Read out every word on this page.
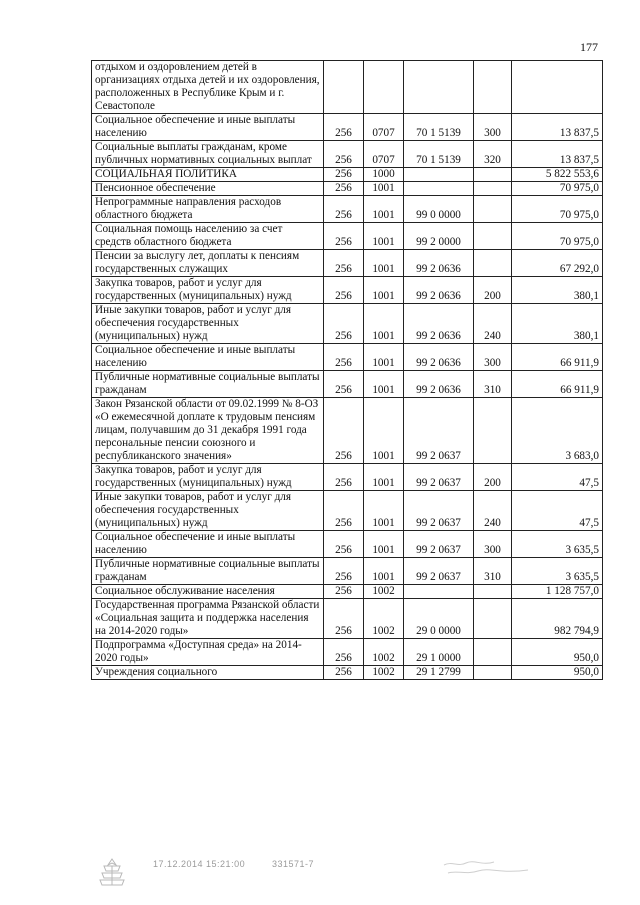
177
отдыхом и оздоровлением детей в организациях отдыха детей и их оздоровления, расположенных в Республике Крым и г. Севастополе					
Социальное обеспечение и иные выплаты населению	256	0707	70 1 5139	300	13 837,5
Социальные выплаты гражданам, кроме публичных нормативных социальных выплат	256	0707	70 1 5139	320	13 837,5
СОЦИАЛЬНАЯ ПОЛИТИКА	256	1000			5 822 553,6
Пенсионное обеспечение	256	1001			70 975,0
Непрограммные направления расходов областного бюджета	256	1001	99 0 0000		70 975,0
Социальная помощь населению за счет средств областного бюджета	256	1001	99 2 0000		70 975,0
Пенсии за выслугу лет, доплаты к пенсиям государственных служащих	256	1001	99 2 0636		67 292,0
Закупка товаров, работ и услуг для государственных (муниципальных) нужд	256	1001	99 2 0636	200	380,1
Иные закупки товаров, работ и услуг для обеспечения государственных (муниципальных) нужд	256	1001	99 2 0636	240	380,1
Социальное обеспечение и иные выплаты населению	256	1001	99 2 0636	300	66 911,9
Публичные нормативные социальные выплаты гражданам	256	1001	99 2 0636	310	66 911,9
Закон Рязанской области от 09.02.1999 № 8-ОЗ «О ежемесячной доплате к трудовым пенсиям лицам, получавшим до 31 декабря 1991 года персональные пенсии союзного и республиканского значения»	256	1001	99 2 0637		3 683,0
Закупка товаров, работ и услуг для государственных (муниципальных) нужд	256	1001	99 2 0637	200	47,5
Иные закупки товаров, работ и услуг для обеспечения государственных (муниципальных) нужд	256	1001	99 2 0637	240	47,5
Социальное обеспечение и иные выплаты населению	256	1001	99 2 0637	300	3 635,5
Публичные нормативные социальные выплаты гражданам	256	1001	99 2 0637	310	3 635,5
Социальное обслуживание населения	256	1002			1 128 757,0
Государственная программа Рязанской области «Социальная защита и поддержка населения на 2014-2020 годы»	256	1002	29 0 0000		982 794,9
Подпрограмма «Доступная среда» на 2014-2020 годы»	256	1002	29 1 0000		950,0
Учреждения социального	256	1002	29 1 2799		950,0
17.12.2014 15:21:00	331571-7
